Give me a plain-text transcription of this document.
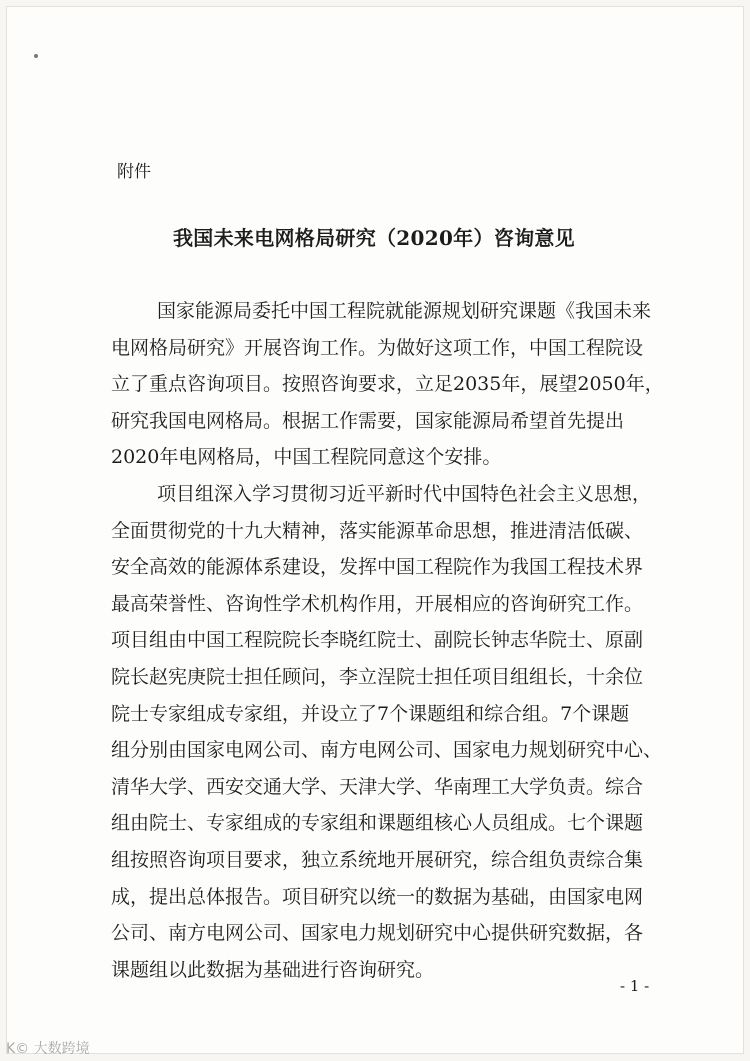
附件
我国未来电网格局研究（2020年）咨询意见
国家能源局委托中国工程院就能源规划研究课题《我国未来
电网格局研究》开展咨询工作。为做好这项工作，中国工程院设
立了重点咨询项目。按照咨询要求，立足2035年，展望2050年，
研究我国电网格局。根据工作需要，国家能源局希望首先提出
2020年电网格局，中国工程院同意这个安排。
项目组深入学习贯彻习近平新时代中国特色社会主义思想，
全面贯彻党的十九大精神，落实能源革命思想，推进清洁低碳、
安全高效的能源体系建设，发挥中国工程院作为我国工程技术界
最高荣誉性、咨询性学术机构作用，开展相应的咨询研究工作。
项目组由中国工程院院长李晓红院士、副院长钟志华院士、原副
院长赵宪庚院士担任顾问，李立浧院士担任项目组组长，十余位
院士专家组成专家组，并设立了7个课题组和综合组。7个课题
组分别由国家电网公司、南方电网公司、国家电力规划研究中心、
清华大学、西安交通大学、天津大学、华南理工大学负责。综合
组由院士、专家组成的专家组和课题组核心人员组成。七个课题
组按照咨询项目要求，独立系统地开展研究，综合组负责综合集
成，提出总体报告。项目研究以统一的数据为基础，由国家电网
公司、南方电网公司、国家电力规划研究中心提供研究数据，各
课题组以此数据为基础进行咨询研究。
- 1 -
K© 大数跨境
